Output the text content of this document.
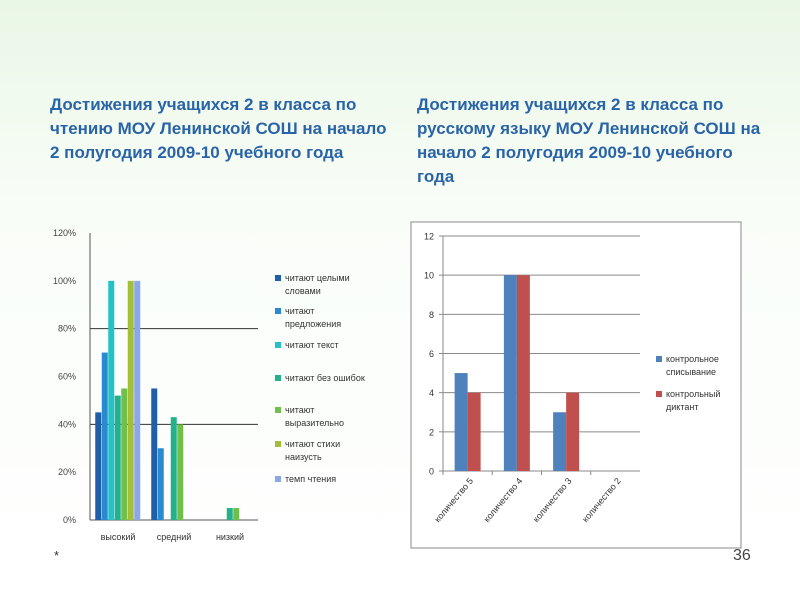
Достижения учащихся 2 в класса по чтению МОУ Ленинской СОШ на начало 2 полугодия 2009-10 учебного года
Достижения учащихся 2 в класса по русскому языку МОУ Ленинской СОШ на начало 2 полугодия 2009-10 учебного года
0%
20%
40%
60%
80%
100%
120%
высокий средний	низкий
читают целыми
словами
читают
предложения
читают текст
читают без ошибок
читают
выразительно
читают стихи
наизусть
темп чтения
0
2
4
6
8
10
12
количество 5 количество 4 количество 3 количество 2
контрольное
списывание
контрольный
диктант
*	36
